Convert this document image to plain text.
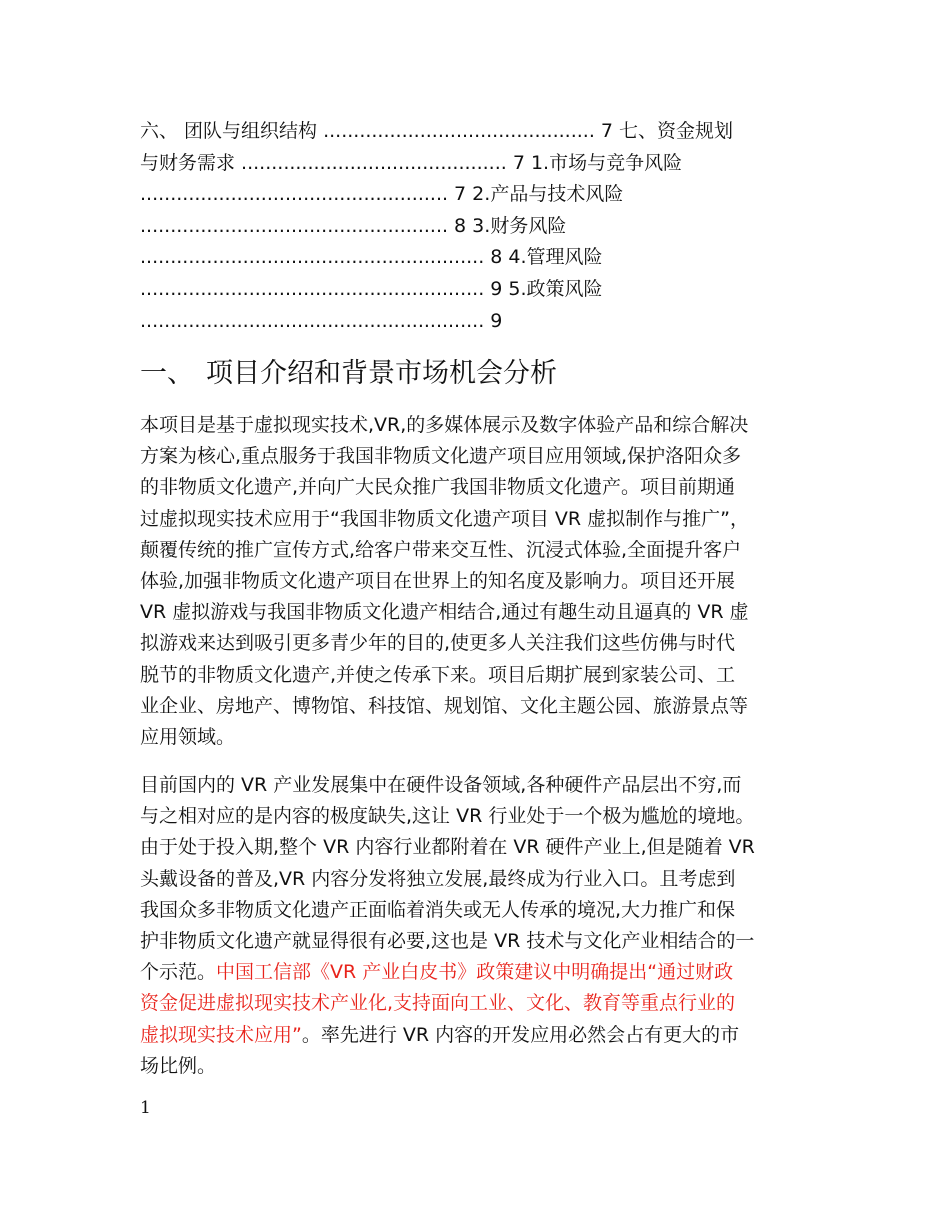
六、 团队与组织结构 ............................................. 7 七、资金规划
与财务需求 ............................................ 7 1.市场与竞争风险
................................................... 7 2.产品与技术风险
................................................... 8 3.财务风险
......................................................... 8 4.管理风险
......................................................... 9 5.政策风险
......................................................... 9
一、 项目介绍和背景市场机会分析
本项目是基于虚拟现实技术,VR,的多媒体展示及数字体验产品和综合解决
方案为核心,重点服务于我国非物质文化遗产项目应用领域,保护洛阳众多
的非物质文化遗产,并向广大民众推广我国非物质文化遗产。项目前期通
过虚拟现实技术应用于“我国非物质文化遗产项目 VR 虚拟制作与推广”，
颠覆传统的推广宣传方式,给客户带来交互性、沉浸式体验,全面提升客户
体验,加强非物质文化遗产项目在世界上的知名度及影响力。项目还开展
VR 虚拟游戏与我国非物质文化遗产相结合,通过有趣生动且逼真的 VR 虚
拟游戏来达到吸引更多青少年的目的,使更多人关注我们这些仿佛与时代
脱节的非物质文化遗产,并使之传承下来。项目后期扩展到家装公司、工
业企业、房地产、博物馆、科技馆、规划馆、文化主题公园、旅游景点等
应用领域。
目前国内的 VR 产业发展集中在硬件设备领域,各种硬件产品层出不穷,而
与之相对应的是内容的极度缺失,这让 VR 行业处于一个极为尴尬的境地。
由于处于投入期,整个 VR 内容行业都附着在 VR 硬件产业上,但是随着 VR
头戴设备的普及,VR 内容分发将独立发展,最终成为行业入口。且考虑到
我国众多非物质文化遗产正面临着消失或无人传承的境况,大力推广和保
护非物质文化遗产就显得很有必要,这也是 VR 技术与文化产业相结合的一
个示范。中国工信部《VR 产业白皮书》政策建议中明确提出“通过财政
资金促进虚拟现实技术产业化,支持面向工业、文化、教育等重点行业的
虚拟现实技术应用”。率先进行 VR 内容的开发应用必然会占有更大的市
场比例。
1
